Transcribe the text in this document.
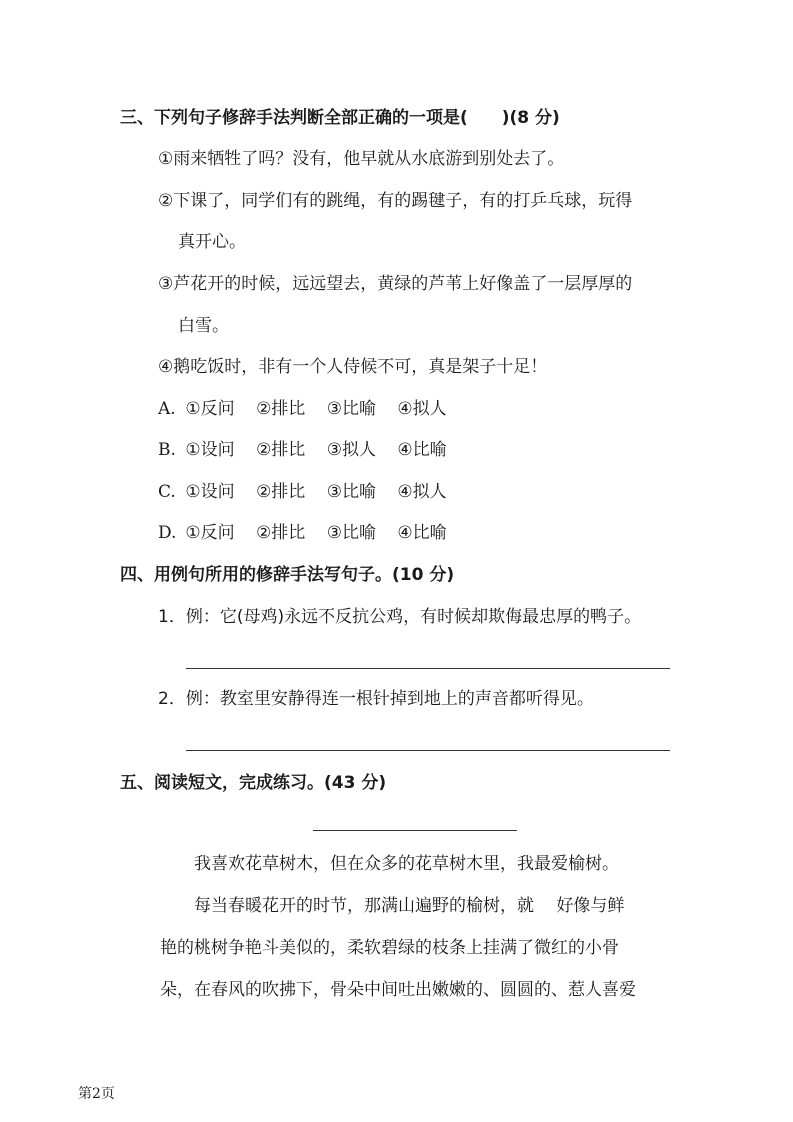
三、下列句子修辞手法判断全部正确的一项是(　　)(8 分)
①雨来牺牲了吗？没有，他早就从水底游到别处去了。
②下课了，同学们有的跳绳，有的踢毽子，有的打乒乓球，玩得
真开心。
③芦花开的时候，远远望去，黄绿的芦苇上好像盖了一层厚厚的
白雪。
④鹅吃饭时，非有一个人侍候不可，真是架子十足！
A. ①反问 ②排比 ③比喻 ④拟人
B. ①设问 ②排比 ③拟人 ④比喻
C. ①设问 ②排比 ③比喻 ④拟人
D. ①反问 ②排比 ③比喻 ④比喻
四、用例句所用的修辞手法写句子。(10 分)
1．例：它(母鸡)永远不反抗公鸡，有时候却欺侮最忠厚的鸭子。
2．例：教室里安静得连一根针掉到地上的声音都听得见。
五、阅读短文，完成练习。(43 分)
我喜欢花草树木，但在众多的花草树木里，我最爱榆树。
每当春暖花开的时节，那满山遍野的榆树，就　 好像与鲜
艳的桃树争艳斗美似的，柔软碧绿的枝条上挂满了微红的小骨
朵，在春风的吹拂下，骨朵中间吐出嫩嫩的、圆圆的、惹人喜爱
第2页
